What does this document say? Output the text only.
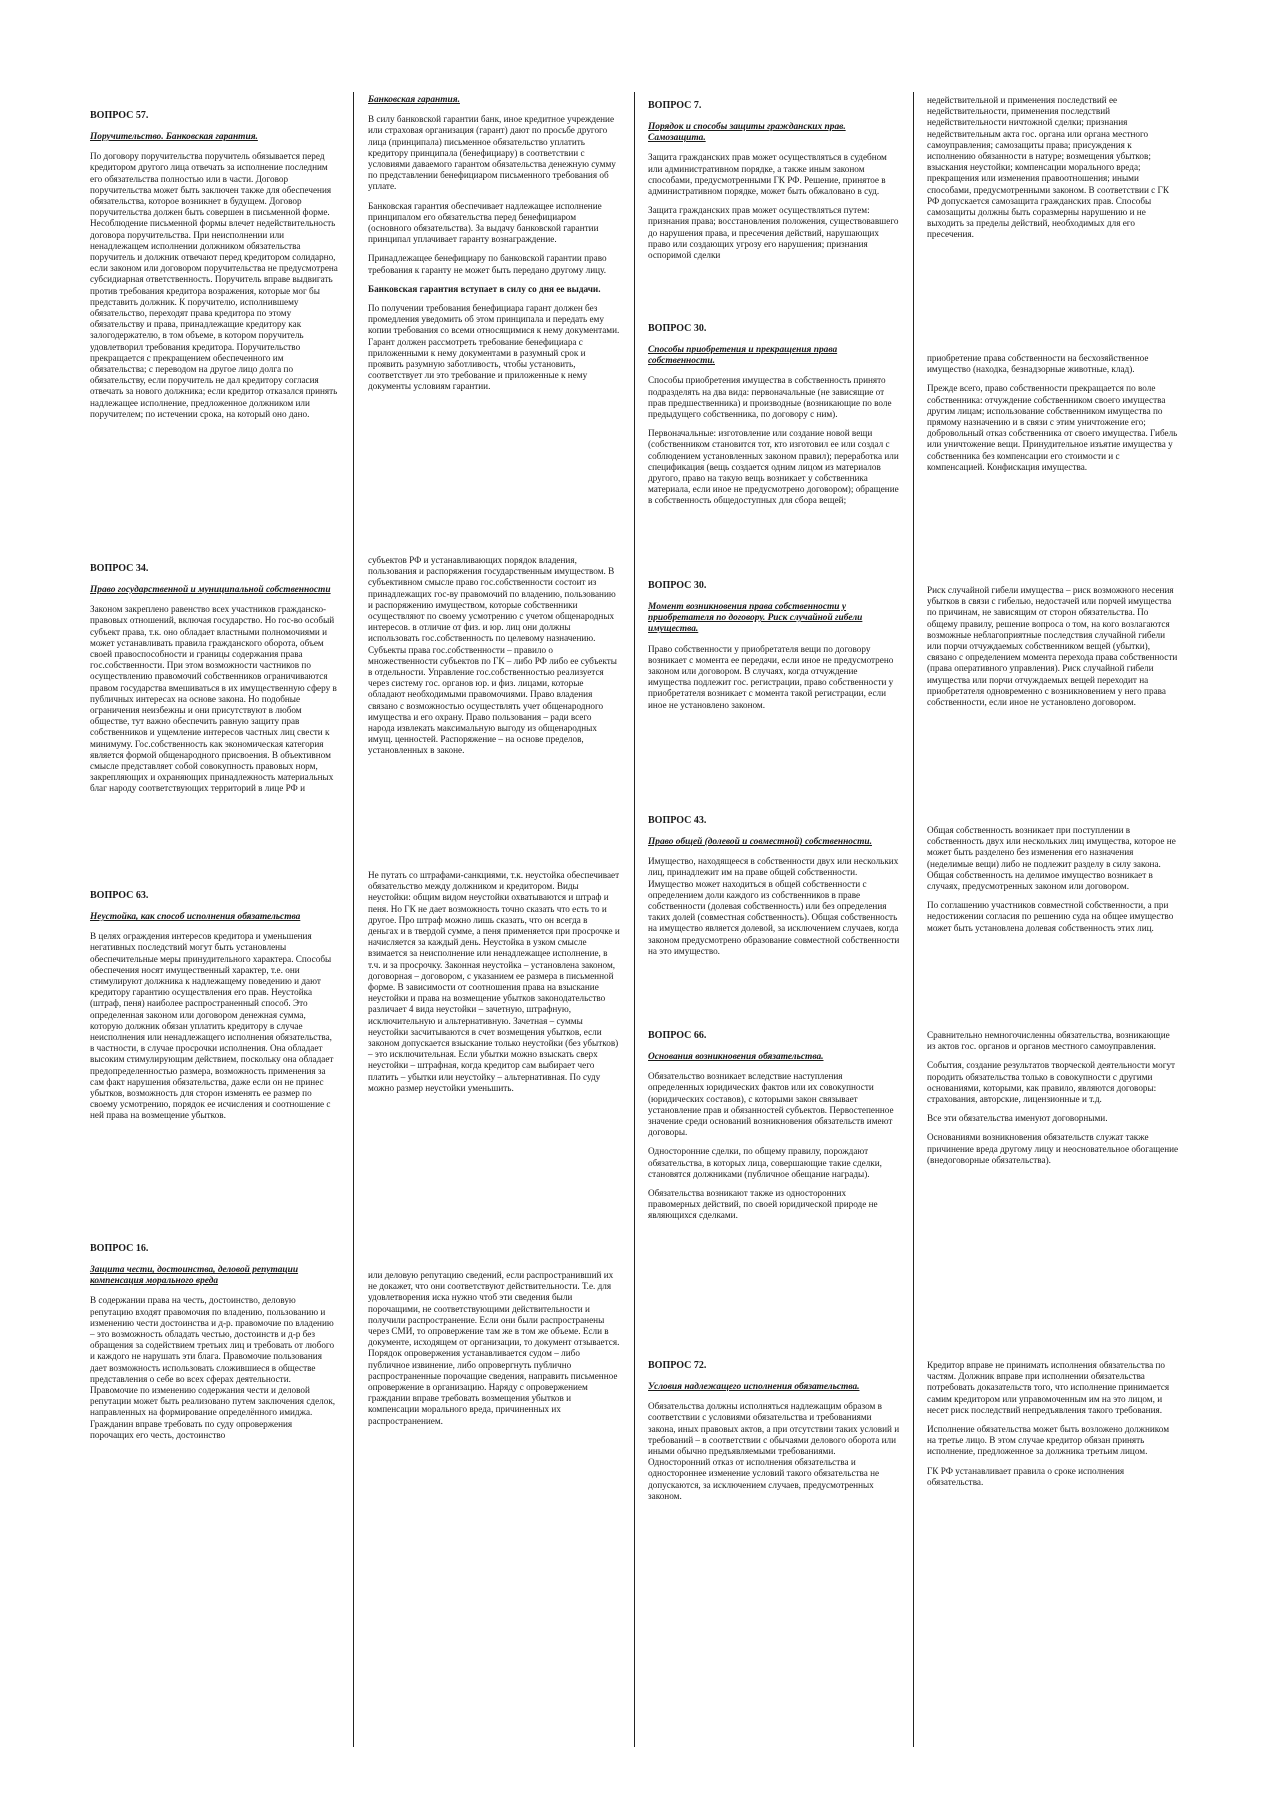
ВОПРОС 57.
Поручительство. Банковская гарантия.

По договору поручительства поручитель обязывается перед кредитором другого лица отвечать за исполнение последним его обязательства полностью или в части. Договор поручительства может быть заключен также для обеспечения обязательства, которое возникнет в будущем. Договор поручительства должен быть совершен в письменной форме. Несоблюдение письменной формы влечет недействительность договора поручительства. При неисполнении или ненадлежащем исполнении должником обязательства поручитель и должник отвечают перед кредитором солидарно, если законом или договором поручительства не предусмотрена субсидиарная ответственность. Поручитель вправе выдвигать против требования кредитора возражения, которые мог бы представить должник. К поручителю, исполнившему обязательство, переходят права кредитора по этому обязательству и права, принадлежащие кредитору как залогодержателю, в том объеме, в котором поручитель удовлетворил требования кредитора. Поручительство прекращается с прекращением обеспеченного им обязательства; с переводом на другое лицо долга по обязательству, если поручитель не дал кредитору согласия отвечать за нового должника; если кредитор отказался принять надлежащее исполнение, предложенное должником или поручителем; по истечении срока, на который оно дано.

ВОПРОС 34.
Право государственной и муниципальной собственности

Законом закреплено равенство всех участников гражданско-правовых отношений, включая государство. Но гос-во особый субъект права, т.к. оно обладает властными полномочиями и может устанавливать правила гражданского оборота, объем своей правоспособности и границы содержания права гос.собственности. При этом возможности частников по осуществлению правомочий собственников ограничиваются правом государства вмешиваться в их имущественную сферу в публичных интересах на основе закона. Но подобные ограничения неизбежны и они присутствуют в любом обществе, тут важно обеспечить равную защиту прав собственников и ущемление интересов частных лиц свести к минимуму. Гос.собственность как экономическая категория является формой общенародного присвоения. В объективном смысле представляет собой совокупность правовых норм, закрепляющих и охраняющих принадлежность материальных благ народу соответствующих территорий в лице РФ и

ВОПРОС 63.
Неустойка, как способ исполнения обязательства

В целях ограждения интересов кредитора и уменьшения негативных последствий могут быть установлены обеспечительные меры принудительного характера. Способы обеспечения носят имущественный характер, т.е. они стимулируют должника к надлежащему поведению и дают кредитору гарантию осуществления его прав. Неустойка (штраф, пеня) наиболее распространенный способ. Это определенная законом или договором денежная сумма, которую должник обязан уплатить кредитору в случае неисполнения или ненадлежащего исполнения обязательства, в частности, в случае просрочки исполнения. Она обладает высоким стимулирующим действием, поскольку она обладает предопределенностью размера, возможность применения за сам факт нарушения обязательства, даже если он не принес убытков, возможность для сторон изменять ее размер по своему усмотрению, порядок ее исчисления и соотношение с ней права на возмещение убытков.

ВОПРОС 16.
Защита чести, достоинства, деловой репутации компенсация морального вреда

В содержании права на честь, достоинство, деловую репутацию входят правомочия по владению, пользованию и изменению чести достоинства и д-р. правомочие по владению – это возможность обладать честью, достоинств и д-р без обращения за содействием третьих лиц и требовать от любого и каждого не нарушать эти блага. Правомочие пользования дает возможность использовать сложившиеся в обществе представления о себе во всех сферах деятельности. Правомочие по изменению содержания чести и деловой репутации может быть реализовано путем заключения сделок, направленных на формирование определённого имиджа. Гражданин вправе требовать по суду опровержения порочащих его честь, достоинство

Банковская гарантия.

В силу банковской гарантии банк, иное кредитное учреждение или страховая организация (гарант) дают по просьбе другого лица (принципала) письменное обязательство уплатить кредитору принципала (бенефициару) в соответствии с условиями даваемого гарантом обязательства денежную сумму по представлении бенефициаром письменного требования об уплате.

Банковская гарантия обеспечивает надлежащее исполнение принципалом его обязательства перед бенефициаром (основного обязательства). За выдачу банковской гарантии принципал уплачивает гаранту вознаграждение.

Принадлежащее бенефициару по банковской гарантии право требования к гаранту не может быть передано другому лицу.

Банковская гарантия вступает в силу со дня ее выдачи.

По получении требования бенефициара гарант должен без промедления уведомить об этом принципала и передать ему копии требования со всеми относящимися к нему документами. Гарант должен рассмотреть требование бенефициара с приложенными к нему документами в разумный срок и проявить разумную заботливость, чтобы установить, соответствует ли это требование и приложенные к нему документы условиям гарантии.

субъектов РФ и устанавливающих порядок владения, пользования и распоряжения государственным имуществом. В субъективном смысле право гос.собственности состоит из принадлежащих гос-ву правомочий по владению, пользованию и распоряжению имуществом, которые собственники осуществляют по своему усмотрению с учетом общенародных интересов. в отличие от физ. и юр. лиц они должны использовать гос.собственность по целевому назначению. Субъекты права гос.собственности – правило о множественности субъектов по ГК – либо РФ либо ее субъекты в отдельности. Управление гос.собственностью реализуется через систему гос. органов юр. и физ. лицами, которые обладают необходимыми правомочиями. Право владения связано с возможностью осуществлять учет общенародного имущества и его охрану. Право пользования – ради всего народа извлекать максимальную выгоду из общенародных имущ. ценностей. Распоряжение – на основе пределов, установленных в законе.

Не путать со штрафами-санкциями, т.к. неустойка обеспечивает обязательство между должником и кредитором. Виды неустойки: общим видом неустойки охватываются и штраф и пеня. Но ГК не дает возможность точно сказать что есть то и другое. Про штраф можно лишь сказать, что он всегда в деньгах и в твердой сумме, а пеня применяется при просрочке и начисляется за каждый день. Неустойка в узком смысле взимается за неисполнение или ненадлежащее исполнение, в т.ч. и за просрочку. Законная неустойка – установлена законом, договорная – договором, с указанием ее размера в письменной форме. В зависимости от соотношения права на взыскание неустойки и права на возмещение убытков законодательство различает 4 вида неустойки – зачетную, штрафную, исключительную и альтернативную. Зачетная – суммы неустойки засчитываются в счет возмещения убытков, если законом допускается взыскание только неустойки (без убытков) – это исключительная. Если убытки можно взыскать сверх неустойки – штрафная, когда кредитор сам выбирает чего платить – убытки или неустойку – альтернативная. По суду можно размер неустойки уменьшить.

или деловую репутацию сведений, если распространивший их не докажет, что они соответствуют действительности. Т.е. для удовлетворения иска нужно чтоб эти сведения были порочащими, не соответствующими действительности и получили распространение. Если они были распространены через СМИ, то опровержение там же в том же объеме. Если в документе, исходящем от организации, то документ отзывается. Порядок опровержения устанавливается судом – либо публичное извинение, либо опровергнуть публично распространенные порочащие сведения, направить письменное опровержение в организацию. Наряду с опровержением граждании вправе требовать возмещения убытков и компенсации морального вреда, причиненных их распространением.

ВОПРОС 7.
Порядок и способы защиты гражданских прав. Самозащита.

Защита гражданских прав может осуществляться в судебном или административном порядке, а также иным законом способами, предусмотренными ГК РФ. Решение, принятое в административном порядке, может быть обжаловано в суд.

Защита гражданских прав может осуществляться путем: признания права; восстановления положения, существовавшего до нарушения права, и пресечения действий, нарушающих право или создающих угрозу его нарушения; признания оспоримой сделки

ВОПРОС 30.
Способы приобретения и прекращения права собственности.

Способы приобретения имущества в собственность принято подразделять на два вида: первоначальные (не зависящие от прав предшественника) и производные (возникающие по воле предыдущего собственника, по договору с ним).

Первоначальные: изготовление или создание новой вещи (собственником становится тот, кто изготовил ее или создал с соблюдением установленных законом правил); переработка или спецификация (вещь создается одним лицом из материалов другого, право на такую вещь возникает у собственника материала, если иное не предусмотрено договором); обращение в собственность общедоступных для сбора вещей;

ВОПРОС 30.
Момент возникновения права собственности у приобретателя по договору. Риск случайной гибели имущества.

Право собственности у приобретателя вещи по договору возникает с момента ее передачи, если иное не предусмотрено законом или договором. В случаях, когда отчуждение имущества подлежит гос. регистрации, право собственности у приобретателя возникает с момента такой регистрации, если иное не установлено законом.

ВОПРОС 43.
Право общей (долевой и совместной) собственности.

Имущество, находящееся в собственности двух или нескольких лиц, принадлежит им на праве общей собственности. Имущество может находиться в общей собственности с определением доли каждого из собственников в праве собственности (долевая собственность) или без определения таких долей (совместная собственность). Общая собственность на имущество является долевой, за исключением случаев, когда законом предусмотрено образование совместной собственности на это имущество.

ВОПРОС 66.
Основания возникновения обязательства.

Обязательство возникает вследствие наступления определенных юридических фактов или их совокупности (юридических составов), с которыми закон связывает установление прав и обязанностей субъектов. Первостепенное значение среди оснований возникновения обязательств имеют договоры.

Односторонние сделки, по общему правилу, порождают обязательства, в которых лица, совершающие такие сделки, становятся должниками (публичное обещание награды).

Обязательства возникают также из односторонних правомерных действий, по своей юридической природе не являющихся сделками.

ВОПРОС 72.
Условия надлежащего исполнения обязательства.

Обязательства должны исполняться надлежащим образом в соответствии с условиями обязательства и требованиями закона, иных правовых актов, а при отсутствии таких условий и требований – в соответствии с обычаями делового оборота или иными обычно предъявляемыми требованиями. Односторонний отказ от исполнения обязательства и одностороннее изменение условий такого обязательства не допускаются, за исключением случаев, предусмотренных законом.

недействительной и применения последствий ее недействительности, применения последствий недействительности ничтожной сделки; признания недействительным акта гос. органа или органа местного самоуправления; самозащиты права; присуждения к исполнению обязанности в натуре; возмещения убытков; взыскания неустойки; компенсации морального вреда; прекращения или изменения правоотношения; иными способами, предусмотренными законом. В соответствии с ГК РФ допускается самозащита гражданских прав. Способы самозащиты должны быть соразмерны нарушению и не выходить за пределы действий, необходимых для его пресечения.

приобретение права собственности на бесхозяйственное имущество (находка, безнадзорные животные, клад).

Прежде всего, право собственности прекращается по воле собственника: отчуждение собственником своего имущества другим лицам; использование собственником имущества по прямому назначению и в связи с этим уничтожение его; добровольный отказ собственника от своего имущества. Гибель или уничтожение вещи. Принудительное изъятие имущества у собственника без компенсации его стоимости и с компенсацией. Конфискация имущества.

Риск случайной гибели имущества – риск возможного несения убытков в связи с гибелью, недостачей или порчей имущества по причинам, не зависящим от сторон обязательства. По общему правилу, решение вопроса о том, на кого возлагаются возможные неблагоприятные последствия случайной гибели или порчи отчуждаемых собственником вещей (убытки), связано с определением момента перехода права собственности (права оперативного управления). Риск случайной гибели имущества или порчи отчуждаемых вещей переходит на приобретателя одновременно с возникновением у него права собственности, если иное не установлено договором.

Общая собственность возникает при поступлении в собственность двух или нескольких лиц имущества, которое не может быть разделено без изменения его назначения (неделимые вещи) либо не подлежит разделу в силу закона. Общая собственность на делимое имущество возникает в случаях, предусмотренных законом или договором.

По соглашению участников совместной собственности, а при недостижении согласия по решению суда на общее имущество может быть установлена долевая собственность этих лиц.

Сравнительно немногочисленны обязательства, возникающие из актов гос. органов и органов местного самоуправления.

События, создание результатов творческой деятельности могут породить обязательства только в совокупности с другими основаниями, которыми, как правило, являются договоры: страхования, авторские, лицензионные и т.д.

Все эти обязательства именуют договорными.

Основаниями возникновения обязательств служат также причинение вреда другому лицу и неосновательное обогащение (внедоговорные обязательства).

Кредитор вправе не принимать исполнения обязательства по частям. Должник вправе при исполнении обязательства потребовать доказательств того, что исполнение принимается самим кредитором или управомоченным им на это лицом, и несет риск последствий непредъявления такого требования.

Исполнение обязательства может быть возложено должником на третье лицо. В этом случае кредитор обязан принять исполнение, предложенное за должника третьим лицом.

ГК РФ устанавливает правила о сроке исполнения обязательства.
